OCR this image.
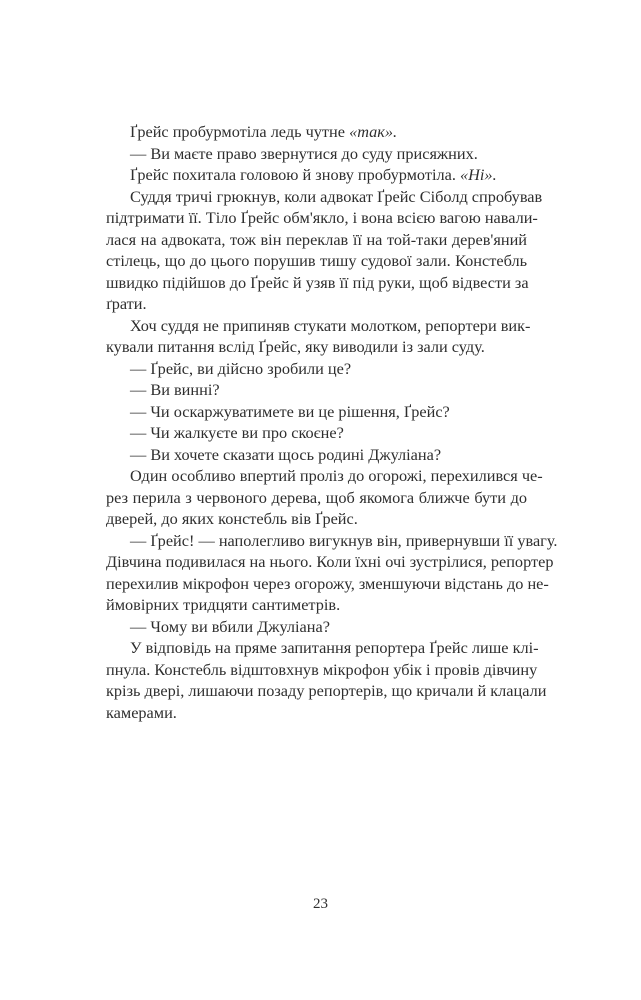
Ґрейс пробурмотіла ледь чутне «так».
— Ви маєте право звернутися до суду присяжних.
Ґрейс похитала головою й знову пробурмотіла. «Ні».
Суддя тричі грюкнув, коли адвокат Ґрейс Сіболд спробував
підтримати її. Тіло Ґрейс обм'якло, і вона всією вагою навали-
лася на адвоката, тож він переклав її на той-таки дерев'яний
стілець, що до цього порушив тишу судової зали. Констебль
швидко підійшов до Ґрейс й узяв її під руки, щоб відвести за
ґрати.
Хоч суддя не припиняв стукати молотком, репортери вик-
кували питання вслід Ґрейс, яку виводили із зали суду.
— Ґрейс, ви дійсно зробили це?
— Ви винні?
— Чи оскаржуватимете ви це рішення, Ґрейс?
— Чи жалкуєте ви про скоєне?
— Ви хочете сказати щось родині Джуліана?
Один особливо впертий проліз до огорожі, перехилився че-
рез перила з червоного дерева, щоб якомога ближче бути до
дверей, до яких констебль вів Ґрейс.
— Ґрейс! — наполегливо вигукнув він, привернувши її увагу.
Дівчина подивилася на нього. Коли їхні очі зустрілися, репортер
перехилив мікрофон через огорожу, зменшуючи відстань до не-
ймовірних тридцяти сантиметрів.
— Чому ви вбили Джуліана?
У відповідь на пряме запитання репортера Ґрейс лише клі-
пнула. Констебль відштовхнув мікрофон убік і провів дівчину
крізь двері, лишаючи позаду репортерів, що кричали й клацали
камерами.
23
